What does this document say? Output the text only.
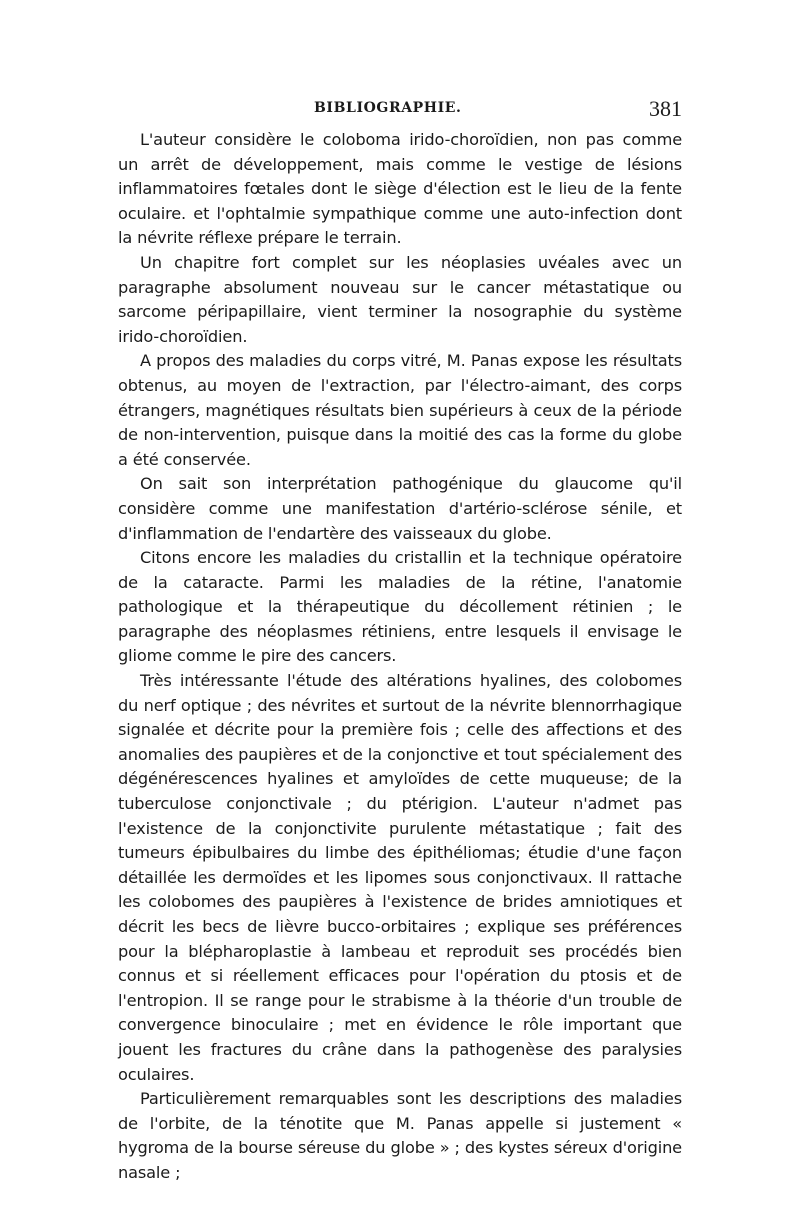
BIBLIOGRAPHIE.	381

L'auteur considère le coloboma irido-choroïdien, non pas comme un arrêt de développement, mais comme le vestige de lésions inflammatoires fœtales dont le siège d'élection est le lieu de la fente oculaire. et l'ophtalmie sympathique comme une auto-infection dont la névrite réflexe prépare le terrain.

Un chapitre fort complet sur les néoplasies uvéales avec un paragraphe absolument nouveau sur le cancer métastatique ou sarcome péripapillaire, vient terminer la nosographie du système irido-choroïdien.

A propos des maladies du corps vitré, M. Panas expose les résultats obtenus, au moyen de l'extraction, par l'électro-aimant, des corps étrangers, magnétiques résultats bien supérieurs à ceux de la période de non-intervention, puisque dans la moitié des cas la forme du globe a été conservée.

On sait son interprétation pathogénique du glaucome qu'il considère comme une manifestation d'artério-sclérose sénile, et d'inflammation de l'endartère des vaisseaux du globe.

Citons encore les maladies du cristallin et la technique opératoire de la cataracte. Parmi les maladies de la rétine, l'anatomie pathologique et la thérapeutique du décollement rétinien ; le paragraphe des néoplasmes rétiniens, entre lesquels il envisage le gliome comme le pire des cancers.

Très intéressante l'étude des altérations hyalines, des colobomes du nerf optique ; des névrites et surtout de la névrite blennorrhagique signalée et décrite pour la première fois ; celle des affections et des anomalies des paupières et de la conjonctive et tout spécialement des dégénérescences hyalines et amyloïdes de cette muqueuse; de la tuberculose conjonctivale ; du ptérigion. L'auteur n'admet pas l'existence de la conjonctivite purulente métastatique ; fait des tumeurs épibulbaires du limbe des épithéliomas; étudie d'une façon détaillée les dermoïdes et les lipomes sous conjonctivaux. Il rattache les colobomes des paupières à l'existence de brides amniotiques et décrit les becs de lièvre bucco-orbitaires ; explique ses préférences pour la blépharoplastie à lambeau et reproduit ses procédés bien connus et si réellement efficaces pour l'opération du ptosis et de l'entropion. Il se range pour le strabisme à la théorie d'un trouble de convergence binoculaire ; met en évidence le rôle important que jouent les fractures du crâne dans la pathogenèse des paralysies oculaires.

Particulièrement remarquables sont les descriptions des maladies de l'orbite, de la ténotite que M. Panas appelle si justement « hygroma de la bourse séreuse du globe » ; des kystes séreux d'origine nasale ;
